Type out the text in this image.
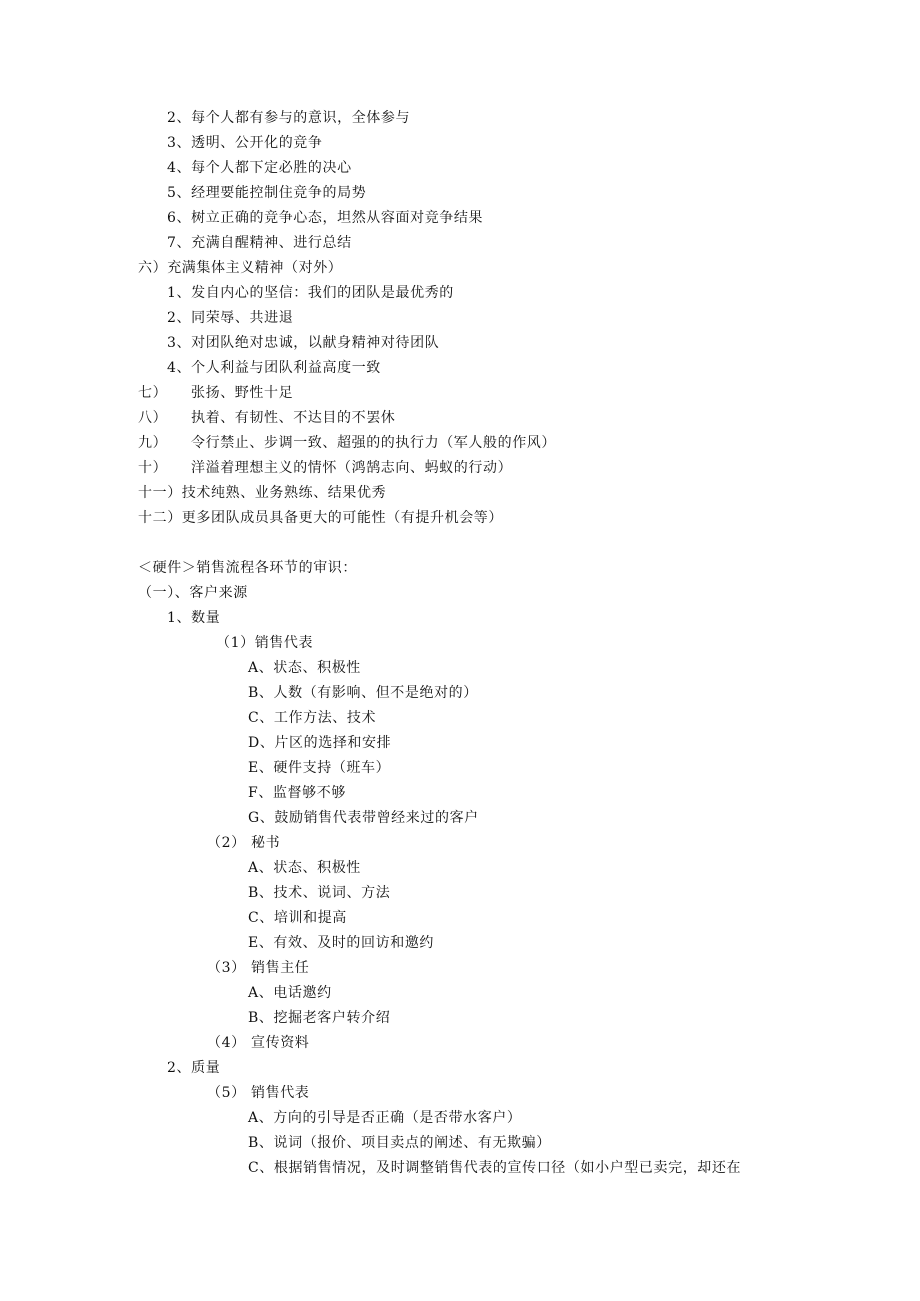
2、每个人都有参与的意识，全体参与
3、透明、公开化的竞争
4、每个人都下定必胜的决心
5、经理要能控制住竞争的局势
6、树立正确的竞争心态，坦然从容面对竞争结果
7、充满自醒精神、进行总结
六）充满集体主义精神（对外）
1、发自内心的坚信：我们的团队是最优秀的
2、同荣辱、共进退
3、对团队绝对忠诚，以献身精神对待团队
4、个人利益与团队利益高度一致
七） 张扬、野性十足
八） 执着、有韧性、不达目的不罢休
九） 令行禁止、步调一致、超强的的执行力（军人般的作风）
十） 洋溢着理想主义的情怀（鸿鹄志向、蚂蚁的行动）
十一）技术纯熟、业务熟练、结果优秀
十二）更多团队成员具备更大的可能性（有提升机会等）
＜硬件＞销售流程各环节的审识：
（一）、客户来源
1、数量
（1）销售代表
A、状态、积极性
B、人数（有影响、但不是绝对的）
C、工作方法、技术
D、片区的选择和安排
E、硬件支持（班车）
F、监督够不够
G、鼓励销售代表带曾经来过的客户
（2） 秘书
A、状态、积极性
B、技术、说词、方法
C、培训和提高
E、有效、及时的回访和邀约
（3） 销售主任
A、电话邀约
B、挖掘老客户转介绍
（4） 宣传资料
2、质量
（5） 销售代表
A、方向的引导是否正确（是否带水客户）
B、说词（报价、项目卖点的阐述、有无欺骗）
C、根据销售情况，及时调整销售代表的宣传口径（如小户型已卖完，却还在
